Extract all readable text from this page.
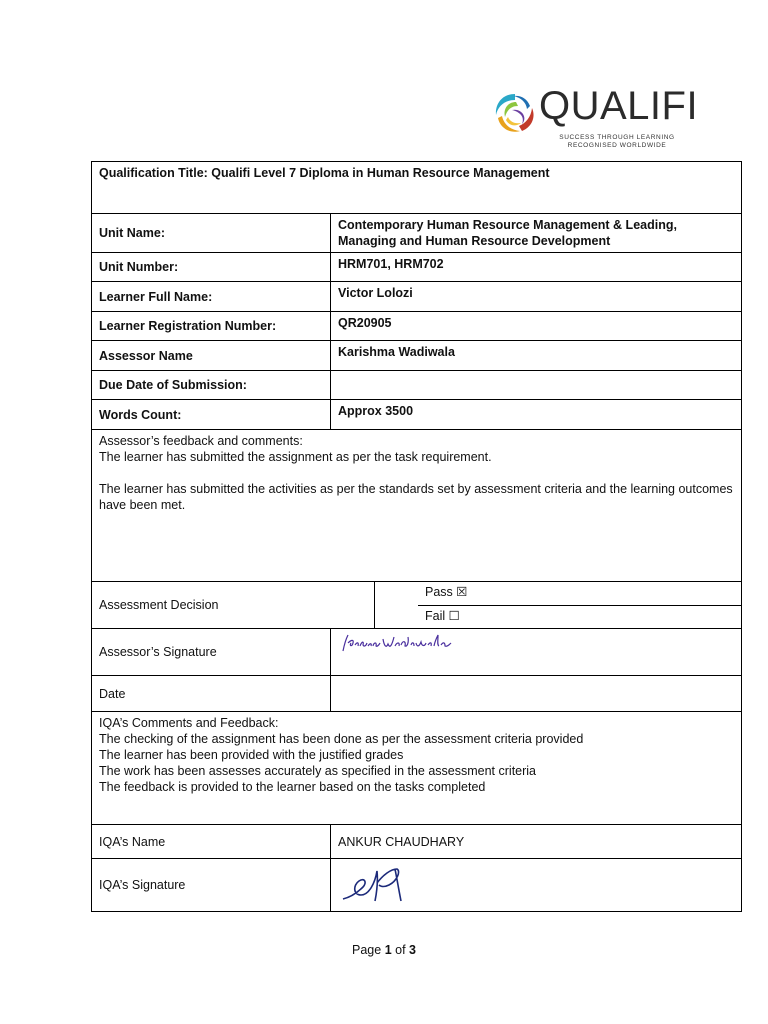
QUALIFI
SUCCESS THROUGH LEARNING
RECOGNISED WORLDWIDE
Qualification Title: Qualifi Level 7 Diploma in Human Resource Management		
Unit Name:	Contemporary Human Resource Management & Leading, Managing and Human Resource Development	
Unit Number:	HRM701, HRM702	
Learner Full Name:	Victor Lolozi	
Learner Registration Number:	QR20905	
Assessor Name	Karishma Wadiwala	
Due Date of Submission:		
Words Count:	Approx 3500	

Assessor’s feedback and comments:

The learner has submitted the assignment as per the task requirement.

The learner has submitted the activities as per the standards set by assessment criteria and the learning outcomes have been met.		

Assessment Decision		Pass ☒
Fail ☐

Assessor’s Signature	

Date		

IQA’s Comments and Feedback:

The checking of the assignment has been done as per the assessment criteria provided

The learner has been provided with the justified grades

The work has been assesses accurately as specified in the assessment criteria

The feedback is provided to the learner based on the tasks completed		

IQA’s Name	ANKUR CHAUDHARY	
IQA’s Signature	
Page 1 of 3
